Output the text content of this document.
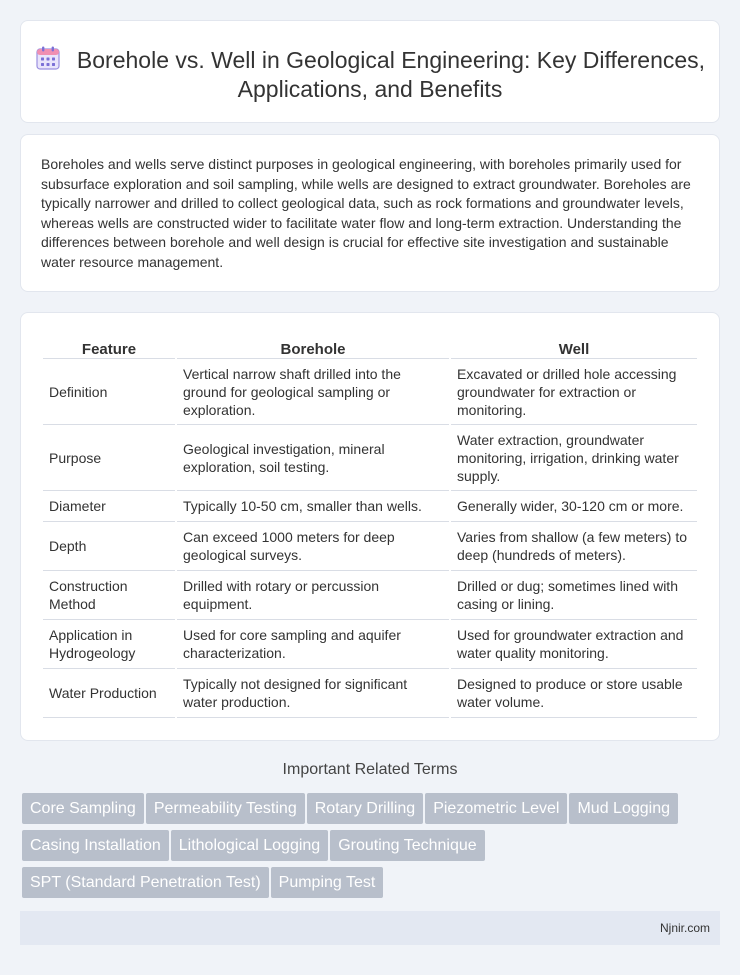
Borehole vs. Well in Geological Engineering: Key Differences, Applications, and Benefits

Boreholes and wells serve distinct purposes in geological engineering, with boreholes primarily used for subsurface exploration and soil sampling, while wells are designed to extract groundwater. Boreholes are typically narrower and drilled to collect geological data, such as rock formations and groundwater levels, whereas wells are constructed wider to facilitate water flow and long-term extraction. Understanding the differences between borehole and well design is crucial for effective site investigation and sustainable water resource management.

Feature	Borehole	Well
Definition	Vertical narrow shaft drilled into the ground for geological sampling or exploration.	Excavated or drilled hole accessing groundwater for extraction or monitoring.
Purpose	Geological investigation, mineral exploration, soil testing.	Water extraction, groundwater monitoring, irrigation, drinking water supply.
Diameter	Typically 10-50 cm, smaller than wells.	Generally wider, 30-120 cm or more.
Depth	Can exceed 1000 meters for deep geological surveys.	Varies from shallow (a few meters) to deep (hundreds of meters).
Construction Method	Drilled with rotary or percussion equipment.	Drilled or dug; sometimes lined with casing or lining.
Application in Hydrogeology	Used for core sampling and aquifer characterization.	Used for groundwater extraction and water quality monitoring.
Water Production	Typically not designed for significant water production.	Designed to produce or store usable water volume.
Important Related Terms
Core Sampling Permeability Testing Rotary Drilling Piezometric Level Mud Logging
Casing Installation Lithological Logging Grouting Technique
SPT (Standard Penetration Test) Pumping Test
Njnir.com
